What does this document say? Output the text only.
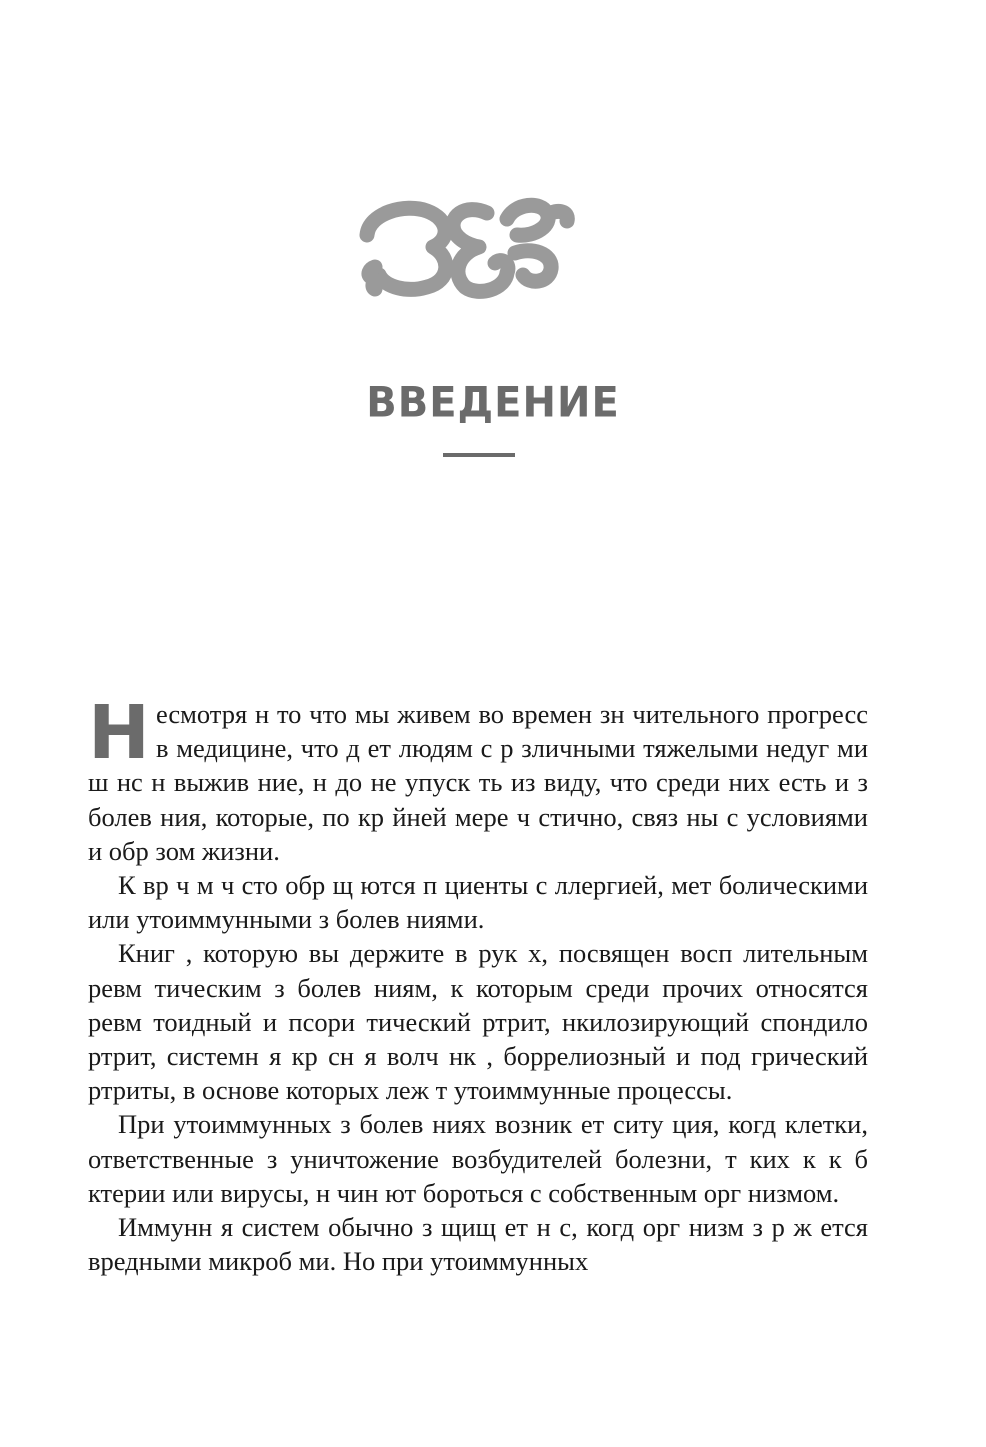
ВВЕДЕНИЕ

Несмотря н то что мы живем во времен зн чительного прогресс в медицине, что д ет людям с р зличными тяжелыми недуг ми ш нс н выжив ние, н до не упуск ть из виду, что среди них есть и з болев ния, которые, по кр йней мере ч стично, связ ны с условиями и обр зом жизни.

К вр ч м ч сто обр щ ются п циенты с ллергией, мет болическими или утоиммунными з болев ниями.

Книг , которую вы держите в рук х, посвящен восп лительным ревм тическим з болев ниям, к которым среди прочих относятся ревм тоидный и псори тический ртрит, нкилозирующий спондило ртрит, системн я кр сн я волч нк , боррелиозный и под грический ртриты, в основе которых леж т утоиммунные процессы.

При утоиммунных з болев ниях возник ет ситу ция, когд клетки, ответственные з уничтожение возбудителей болезни, т ких к к б ктерии или вирусы, н чин ют бороться с собственным орг низмом.

Иммунн я систем обычно з щищ ет н с, когд орг низм з р ж ется вредными микроб ми. Но при утоиммунных
